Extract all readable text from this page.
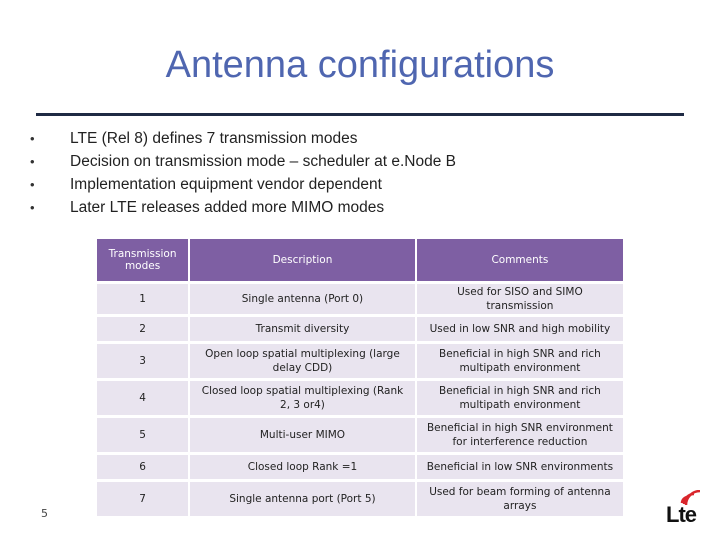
Antenna configurations
• LTE (Rel 8) defines 7 transmission modes
• Decision on transmission mode – scheduler at e.Node B
• Implementation equipment vendor dependent
• Later LTE releases added more MIMO modes
Transmission modes	Description	Comments
1	Single antenna (Port 0)	Used for SISO and SIMO transmission
2	Transmit diversity	Used in low SNR and high mobility
3	Open loop spatial multiplexing (large delay CDD)	Beneficial in high SNR and rich multipath environment
4	Closed loop spatial multiplexing (Rank 2, 3 or4)	Beneficial in high SNR and rich multipath environment
5	Multi-user MIMO	Beneficial in high SNR environment for interference reduction
6	Closed loop Rank =1	Beneficial in low SNR environments
7	Single antenna port (Port 5)	Used for beam forming of antenna arrays
5	Lte
